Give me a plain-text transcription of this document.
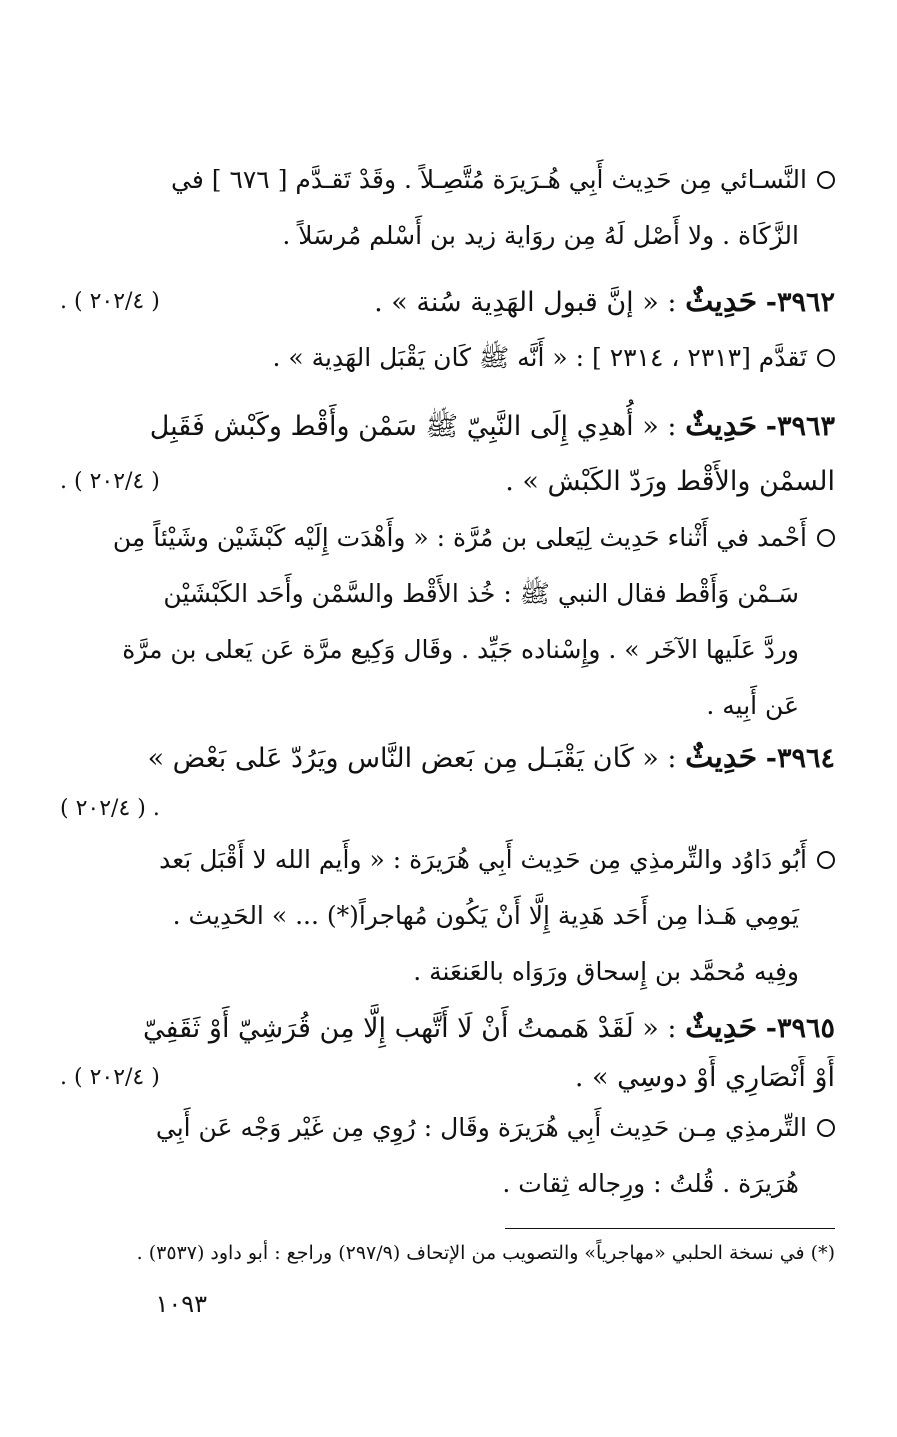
النَّسـائي مِن حَدِيث أَبِي هُـرَيرَة مُتَّصِـلاً . وقَدْ تَقـدَّم [ ٦٧٦ ] في
الزَّكَاة . ولا أَصْل لَهُ مِن روَاية زيد بن أَسْلم مُرسَلاً .
٣٩٦٢- حَدِيثٌ : « إنَّ قبول الهَدِية سُنة » .
( ٢٠٢/٤ ) .
تَقدَّم [٢٣١٣ ، ٢٣١٤ ] : « أَنَّه ﷺ كَان يَقْبَل الهَدِية » .
٣٩٦٣- حَدِيثٌ : « أُهدِي إِلَى النَّبِيّ ﷺ سَمْن وأَقْط وكَبْش فَقَبِل
السمْن والأَقْط ورَدّ الكَبْش » .
( ٢٠٢/٤ ) .
أَحْمد في أَثْناء حَدِيث لِيَعلى بن مُرَّة : « وأَهْدَت إِلَيْه كَبْشَيْن وشَيْئاً مِن
سَـمْن وَأَقْط فقال النبي ﷺ : خُذ الأَقْط والسَّمْن وأَحَد الكَبْشَيْن
وردَّ عَلَيها الآخَر » . وإِسْناده جَيِّد . وقَال وَكِيع مرَّة عَن يَعلى بن مرَّة
عَن أَبِيه .
٣٩٦٤- حَدِيثٌ : « كَان يَقْبَـل مِن بَعض النَّاس ويَرُدّ عَلى بَعْض »
. ( ٢٠٢/٤ )
أَبُو دَاوُد والتِّرمذِي مِن حَدِيث أَبِي هُرَيرَة : « وأَيم الله لا أَقْبَل بَعد
يَومِي هَـذا مِن أَحَد هَدِية إِلَّا أَنْ يَكُون مُهاجراً(*) ... » الحَدِيث .
وفِيه مُحمَّد بن إِسحاق ورَوَاه بالعَنعَنة .
٣٩٦٥- حَدِيثٌ : « لَقَدْ هَممتُ أَنْ لَا أَتَّهب إِلَّا مِن قُرَشِيّ أَوْ ثَقَفِيّ
أَوْ أَنْصَارِي أَوْ دوسِي » .
( ٢٠٢/٤ ) .
التِّرمذِي مِـن حَدِيث أَبِي هُرَيرَة وقَال : رُوِي مِن غَيْر وَجْه عَن أَبِي
هُرَيرَة . قُلتُ : ورِجاله ثِقات .
(*) في نسخة الحلبي «مهاجرياً» والتصويب من الإتحاف (٢٩٧/٩) وراجع : أبو داود (٣٥٣٧) .
١٠٩٣
